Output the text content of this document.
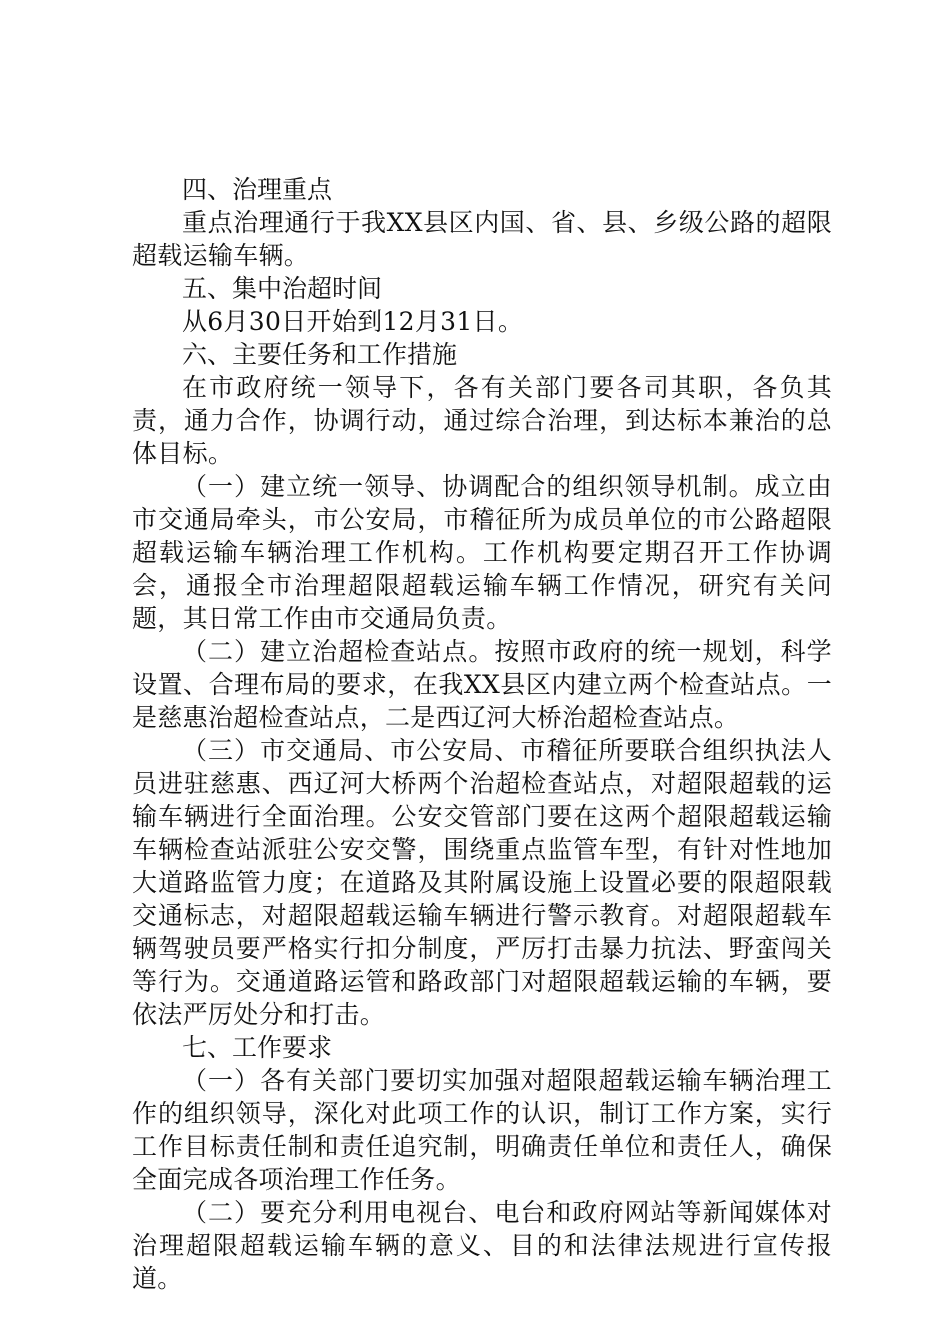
四、治理重点

重点治理通行于我XX县区内国、省、县、乡级公路的超限超载运输车辆。

五、集中治超时间

从6月30日开始到12月31日。

六、主要任务和工作措施

在市政府统一领导下，各有关部门要各司其职，各负其责，通力合作，协调行动，通过综合治理，到达标本兼治的总体目标。

（一）建立统一领导、协调配合的组织领导机制。成立由市交通局牵头，市公安局，市稽征所为成员单位的市公路超限超载运输车辆治理工作机构。工作机构要定期召开工作协调会，通报全市治理超限超载运输车辆工作情况，研究有关问题，其日常工作由市交通局负责。

（二）建立治超检查站点。按照市政府的统一规划，科学设置、合理布局的要求，在我XX县区内建立两个检查站点。一是慈惠治超检查站点，二是西辽河大桥治超检查站点。

（三）市交通局、市公安局、市稽征所要联合组织执法人员进驻慈惠、西辽河大桥两个治超检查站点，对超限超载的运输车辆进行全面治理。公安交管部门要在这两个超限超载运输车辆检查站派驻公安交警，围绕重点监管车型，有针对性地加大道路监管力度；在道路及其附属设施上设置必要的限超限载交通标志，对超限超载运输车辆进行警示教育。对超限超载车辆驾驶员要严格实行扣分制度，严厉打击暴力抗法、野蛮闯关等行为。交通道路运管和路政部门对超限超载运输的车辆，要依法严厉处分和打击。

七、工作要求

（一）各有关部门要切实加强对超限超载运输车辆治理工作的组织领导，深化对此项工作的认识，制订工作方案，实行工作目标责任制和责任追究制，明确责任单位和责任人，确保全面完成各项治理工作任务。

（二）要充分利用电视台、电台和政府网站等新闻媒体对治理超限超载运输车辆的意义、目的和法律法规进行宣传报道。
